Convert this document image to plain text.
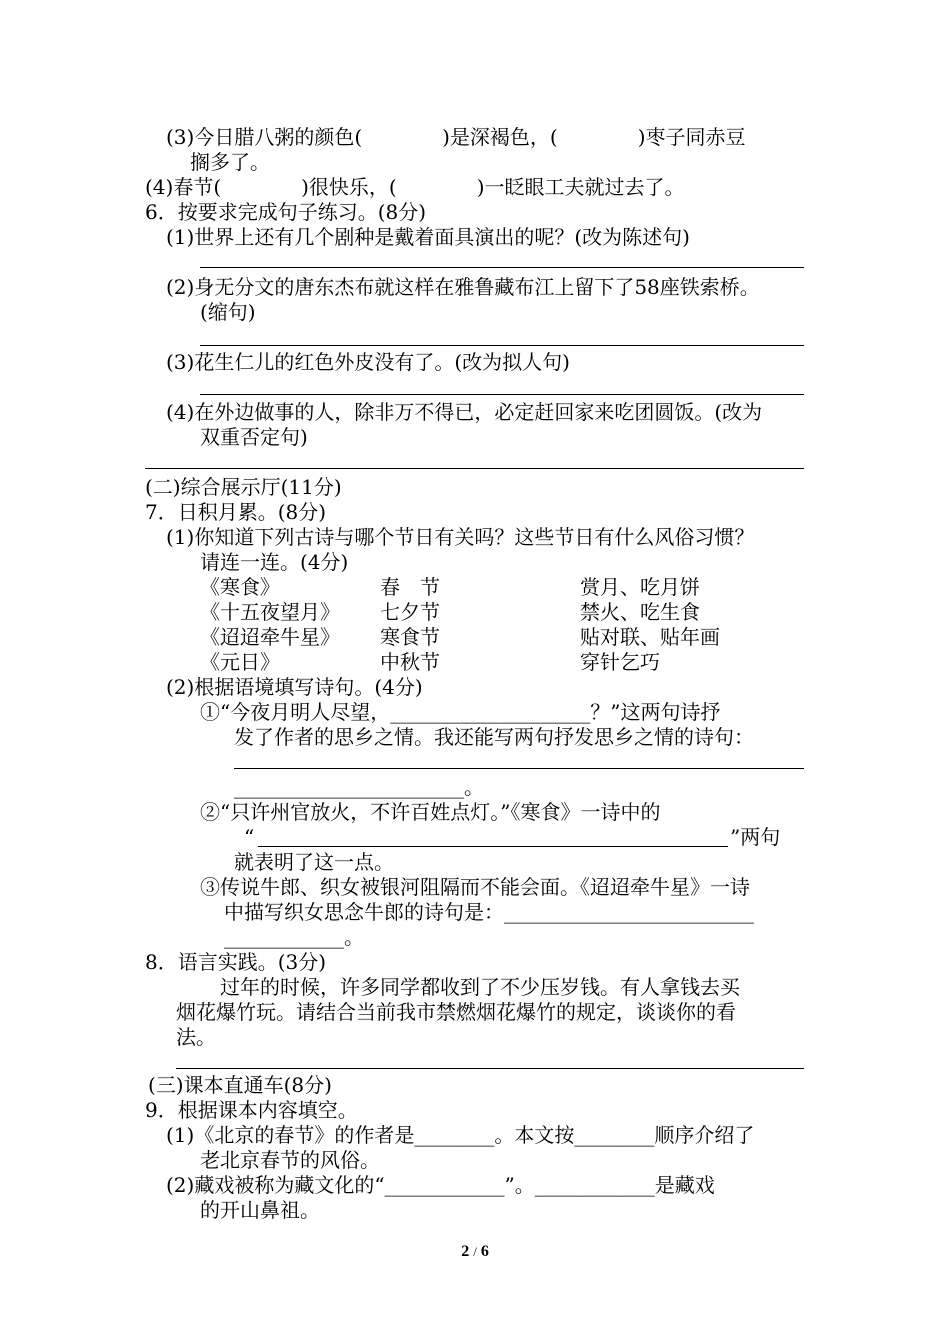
(3)今日腊八粥的颜色(　　　　)是深褐色，(　　　　)枣子同赤豆
搁多了。
(4)春节(　　　　)很快乐，(　　　　)一眨眼工夫就过去了。
6．按要求完成句子练习。(8分)
(1)世界上还有几个剧种是戴着面具演出的呢？(改为陈述句)
(2)身无分文的唐东杰布就这样在雅鲁藏布江上留下了58座铁索桥。
(缩句)
(3)花生仁儿的红色外皮没有了。(改为拟人句)
(4)在外边做事的人，除非万不得已，必定赶回家来吃团圆饭。(改为
双重否定句)
(二)综合展示厅(11分)
7．日积月累。(8分)
(1)你知道下列古诗与哪个节日有关吗？这些节日有什么风俗习惯？
请连一连。(4分)
《寒食》
《十五夜望月》
《迢迢牵牛星》
《元日》
春　节
七夕节
寒食节
中秋节
赏月、吃月饼
禁火、吃生食
贴对联、贴年画
穿针乞巧
(2)根据语境填写诗句。(4分)
①“今夜月明人尽望，____________________？”这两句诗抒
发了作者的思乡之情。我还能写两句抒发思乡之情的诗句：
_______________________。
②“只许州官放火，不许百姓点灯。”《寒食》一诗中的
“	”两句
就表明了这一点。
③传说牛郎、织女被银河阻隔而不能会面。《迢迢牵牛星》一诗
中描写织女思念牛郎的诗句是：_________________________
____________。
8．语言实践。(3分)
过年的时候，许多同学都收到了不少压岁钱。有人拿钱去买
烟花爆竹玩。请结合当前我市禁燃烟花爆竹的规定，谈谈你的看
法。
(三)课本直通车(8分)
9．根据课本内容填空。
(1)《北京的春节》的作者是________。本文按________顺序介绍了
老北京春节的风俗。
(2)藏戏被称为藏文化的“____________”。____________是藏戏
的开山鼻祖。
2 / 6
